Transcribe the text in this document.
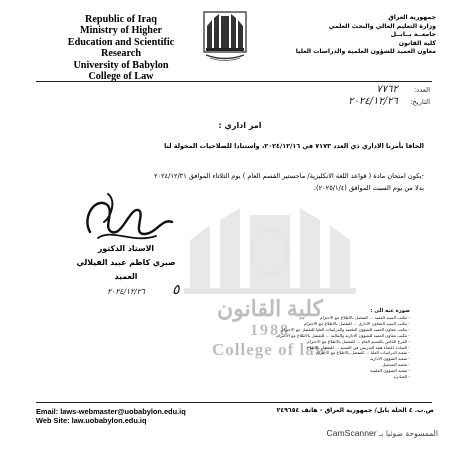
Republic of Iraq
Ministry of Higher
Education and Scientific
Research
University of Babylon
College of Law
جمهورية العراق
وزارة التعليم العالي والبحث العلمي
جامعــة بــابــل
كلية القانون
معاون العميد للشؤون العلمية والدراسات العليا
العدد: ٧٧٦٢
التاريخ: ٢٠٢٤/١٢/٢٦
امر اداري :
الحاقا بأمرنا الاداري ذي العدد ٧١٧٣ في ٢٠٢٤/١٢/١٦، واستنادا للصلاحيات المخولة لنا
-يكون امتحان مادة ( قواعد اللغة الانكليزية/ ماجستير القسم العام ) يوم الثلاثاء الموافق ٢٠٢٤/١٢/٣١
بدلا من يوم السبت الموافق (٢٠٢٥/١/٤).
كلية القانون
1988
College of law
الاستاذ الدكتور
صبري كاظم عبيد الفيلالي
العميد
٢٠٢٤/١٢/٢٦	٥
صورة عنه الى :
- مكتب السيد العميد ... للتفضل بالاطلاع مع الاحترام
- مكتب السيد المعاون الاداري ... للتفضل بالاطلاع مع الاحترام
- مكتب معاون العميد للشؤون العلمية والدراسات العليا للتفضل مع الاحترام
- مكتب معاون العميد للشؤون الادارية والمالية ... للتفضل بالاطلاع مع الاحترام
- الفرع الخاص بالقسم العام ... للتفضل بالاطلاع مع الاحترام
- السادة اعضاء هيئة التدريس في القسم ... للتفضل بالاطلاع
- شعبة الدراسات العليا ... للتفضل بالاطلاع مع الاحترام
- شعبة الشؤون الادارية
- شعبة التسجيل
- شعبة الشؤون العلمية
- الصادرة
Email: laws-webmaster@uobabylon.edu.iq
Web Site: law.uobabylon.edu.iq
ص.ب. ٤ الحلة بابل/ جمهورية العراق - هاتف ٢٤٩٦٥٤
الممسوحة ضوئيا بـ CamScanner
